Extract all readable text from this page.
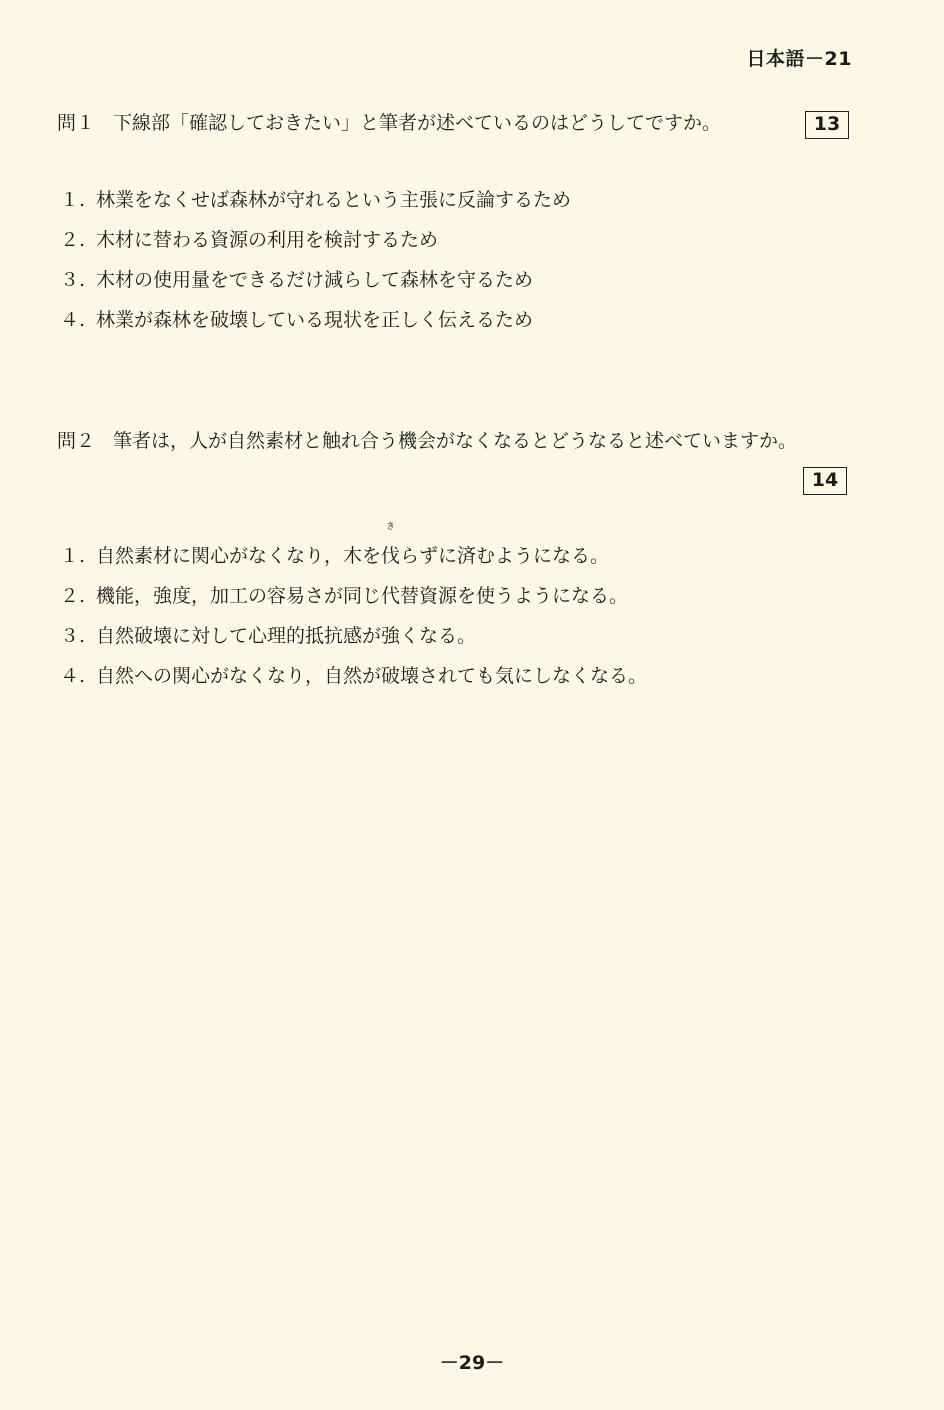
日本語－21
問１ 下線部「確認しておきたい」と筆者が述べているのはどうしてですか。	13
１. 林業をなくせば森林が守れるという主張に反論するため
２. 木材に替わる資源の利用を検討するため
３. 木材の使用量をできるだけ減らして森林を守るため
４. 林業が森林を破壊している現状を正しく伝えるため
問２ 筆者は，人が自然素材と触れ合う機会がなくなるとどうなると述べていますか。
14
１. 自然素材に関心がなくなり，木を伐
き
らずに済むようになる。
２. 機能，強度，加工の容易さが同じ代替資源を使うようになる。
３. 自然破壊に対して心理的抵抗感が強くなる。
４. 自然への関心がなくなり，自然が破壊されても気にしなくなる。
－29－
